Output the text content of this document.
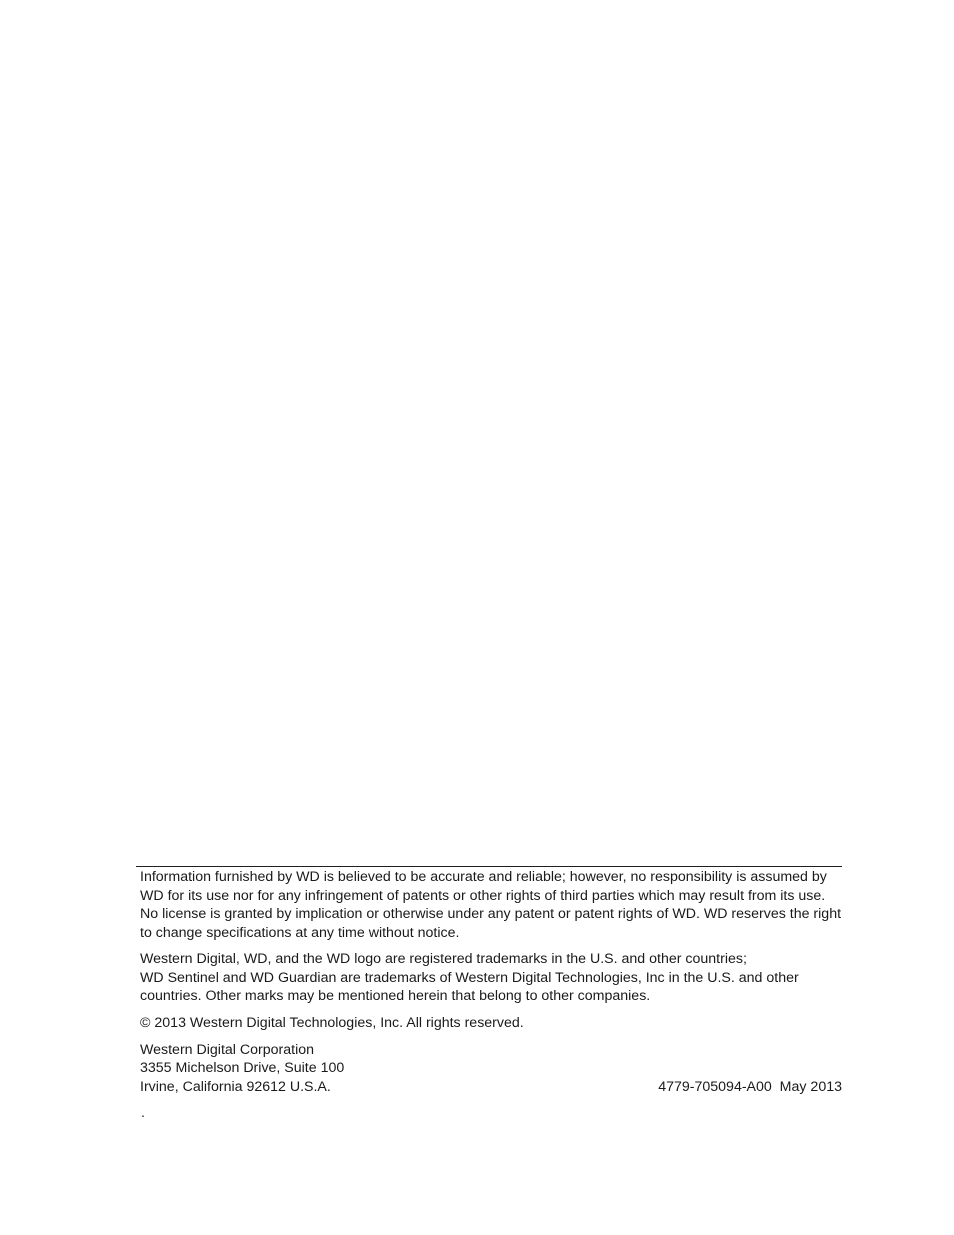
Information furnished by WD is believed to be accurate and reliable; however, no responsibility is assumed by WD for its use nor for any infringement of patents or other rights of third parties which may result from its use. No license is granted by implication or otherwise under any patent or patent rights of WD. WD reserves the right to change specifications at any time without notice.

Western Digital, WD, and the WD logo are registered trademarks in the U.S. and other countries;
WD Sentinel and WD Guardian are trademarks of Western Digital Technologies, Inc in the U.S. and other countries. Other marks may be mentioned herein that belong to other companies.

© 2013 Western Digital Technologies, Inc. All rights reserved.

Western Digital Corporation
3355 Michelson Drive, Suite 100
Irvine, California 92612 U.S.A.	4779-705094-A00  May 2013
.
